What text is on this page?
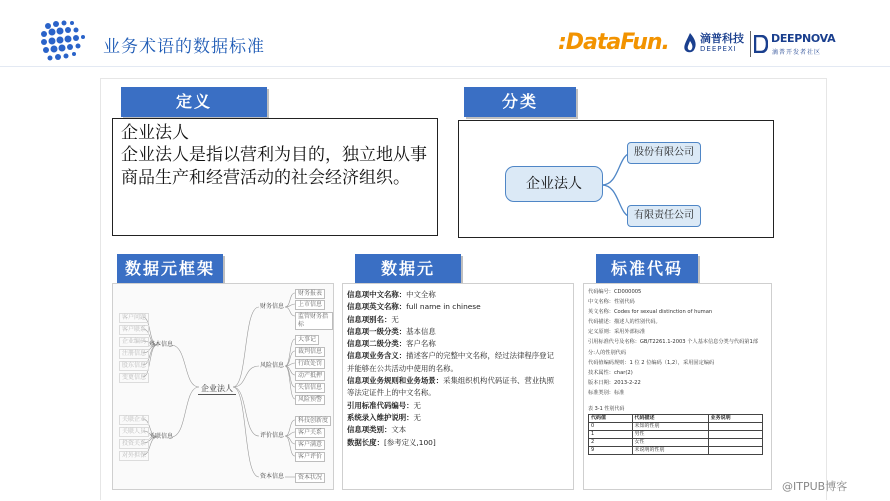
业务术语的数据标准	:DataFun.	滴普科技
DEEPEXI
DEEPNOVA
滴普开发者社区
定义
企业法人
企业法人是指以营利为目的，独立地从事商品生产和经营活动的社会经济组织。
分类
企业法人
股份有限公司
有限责任公司
数据元框架
企业法人
财务信息
风险信息
基本信息
关联信息	评价信息
资本信息
财务报表
上市信息
监管财务指标
大事记
裁判信息
行政处罚
动产抵押
失信信息
风险预警
科技创新度
客户关系
客户满意
客户评价
资本状况
客户问题
客户联系
企业编码
注册信息
股东信息
变更信息
关联企业
关联人员
投资关系
对外担保
数据元
信息项中文名称：中文全称
信息项英文名称：full name in chinese
信息项别名：无
信息项一级分类：基本信息
信息项二级分类：客户名称
信息项业务含义：描述客户的完整中文名称，经过法律程序登记
并能够在公共活动中使用的名称。
信息项业务规则和业务场景：采集组织机构代码证书、营业执照
等法定证件上的中文名称。
引用标准代码编号：无
系统录入维护说明：无
信息项类别：文本
数据长度：[参考定义,100]
标准代码
代码编号：CD000005
中文名称：性别代码
英文名称：Codes for sexual distinction of human
代码描述：描述人的性别代码。
定义原则：采用外部标准
引用标准代号及名称：GB/T2261.1-2003 个人基本信息分类与代码第1部
分:人的性别代码
代码值编码规则：1 位 2 位编码（1,2），采用固定编码
技术属性：char(2)
版本日期：2013-2-22
标准类别：标准
表 3-1 性别代码
代码值	代码描述	业务说明
0	未知的性别	
1	男性	
2	女性	
9	未说明的性别	
@ITPUB博客
